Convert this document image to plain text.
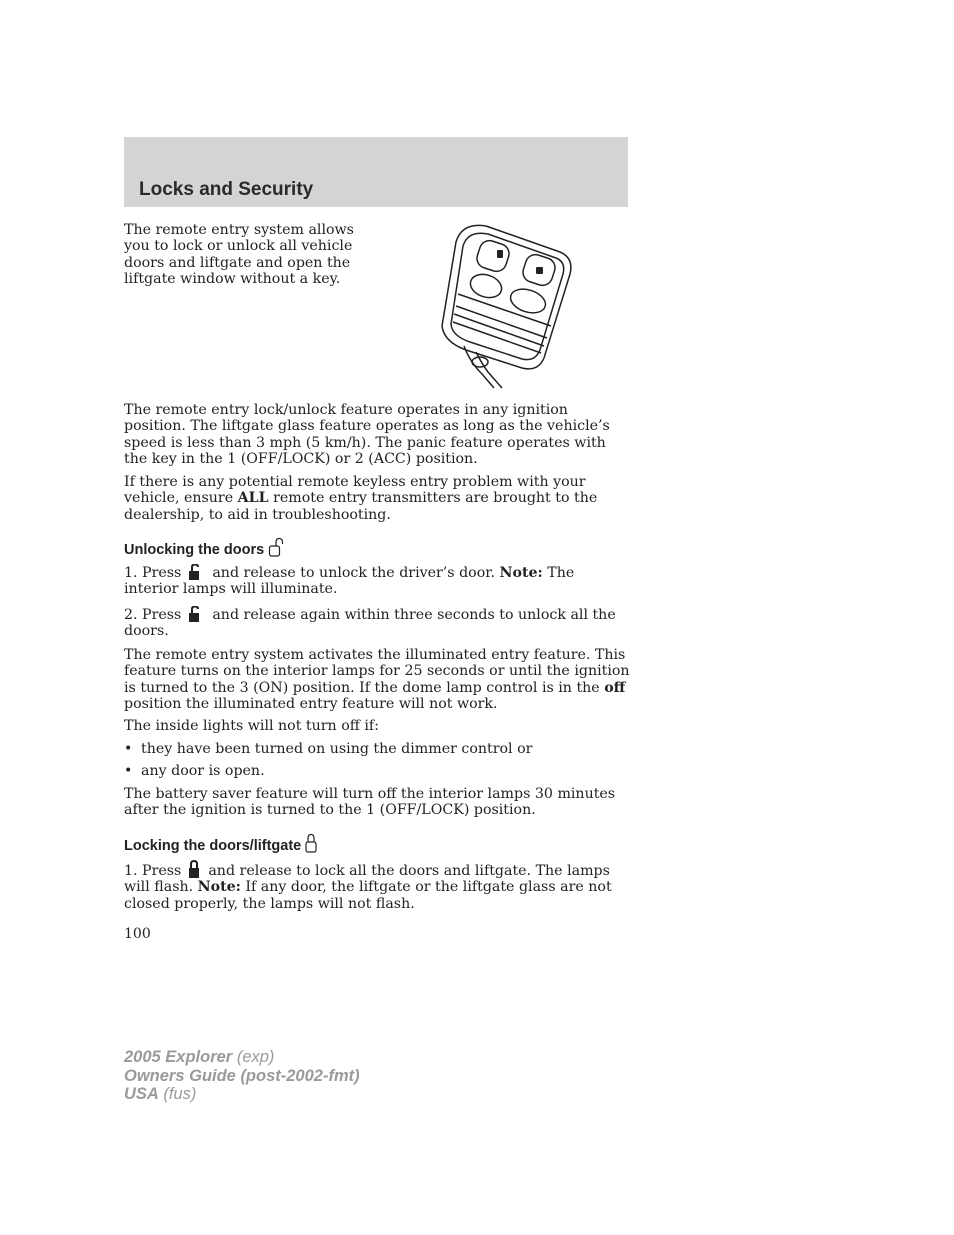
Locks and Security

The remote entry system allows you to lock or unlock all vehicle doors and liftgate and open the liftgate window without a key.

The remote entry lock/unlock feature operates in any ignition position. The liftgate glass feature operates as long as the vehicle’s speed is less than 3 mph (5 km/h). The panic feature operates with the key in the 1 (OFF/LOCK) or 2 (ACC) position.
If there is any potential remote keyless entry problem with your vehicle, ensure ALL remote entry transmitters are brought to the dealership, to aid in troubleshooting.
Unlocking the doors
1. Press  and release to unlock the driver’s door. Note: The interior lamps will illuminate.
2. Press  and release again within three seconds to unlock all the doors.
The remote entry system activates the illuminated entry feature. This feature turns on the interior lamps for 25 seconds or until the ignition is turned to the 3 (ON) position. If the dome lamp control is in the off position the illuminated entry feature will not work.
The inside lights will not turn off if:
• they have been turned on using the dimmer control or
• any door is open.
The battery saver feature will turn off the interior lamps 30 minutes after the ignition is turned to the 1 (OFF/LOCK) position.
Locking the doors/liftgate
1. Press  and release to lock all the doors and liftgate. The lamps will flash. Note: If any door, the liftgate or the liftgate glass are not closed properly, the lamps will not flash.
100
2005 Explorer (exp)
Owners Guide (post-2002-fmt)
USA (fus)
